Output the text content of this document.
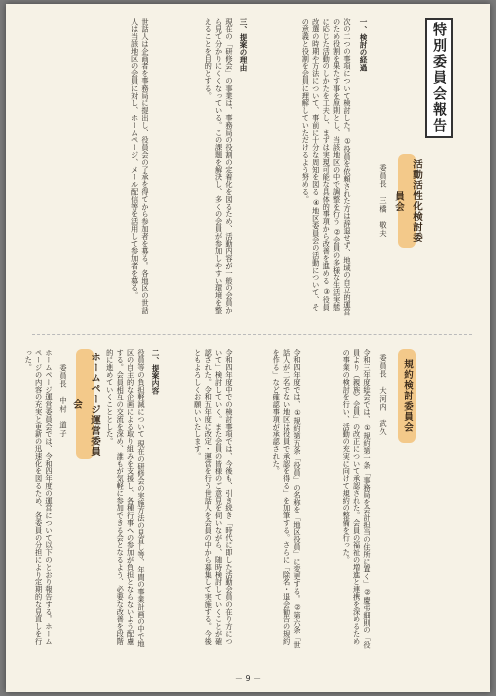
特別委員会報告
活動活性化検討委員会
委員長　三橋　敬夫
一、検討の経過
次の二つの事項について検討した。①役員を依頼された方は辞退せず、地域の自立的運営のため役割を果たす事を原則とし、当該地区の中で調整を行う ②会員の多様な生活実態に応じた活動のしかたを工夫し、まずは実現可能な具体的事項から改善を進める ③役員改選の時期や方法について、事前に十分な周知を図る ④地区委員会の活動について、その意義と役割を会員に理解していただけるよう努める。
三、提案の理由
現在の「研修会」の事業は、事務局の役割の定着化を図るため、活動内容が一般の会員から見て分かりにくくなっている。この課題を解決し、多くの会員が参加しやすい環境を整えることを目的とする。
世話人は企画者を事務局に提出し、役員会の了承を得てから参加者を募る。各地区の世話人は当該地区の会員に対し、ホームページ、メール配信等を活用して参加者を募る。
規約検討委員会
委員長　大河内　武久
令和三年度総会では、①規約第一条「事務局を会計担当の住所に置く」②慶弔細則の「役員より（親族）会員」の改正について承認された。会員の福祉の増進と連携を深めるための事業の検討を行い、活動の充実に向けて規約の整備を行った。
令和四年度では、①規約第五条「役員」の名称を「地区役員」に変更する。②第六条「世話人が二名でない地区は役員で承認を得る」を加筆する。さらに「除名・退会勧告の規約を作る」など確認事項が承認された。
令和四年度中での検討事項では、今後も、引き続き「時代に即した活動会員の在り方について」検討していく。また会員の皆様のご意見を伺いながら、随時検討していくことが確認された。令和五年度に改定・運営を行う世話人を会員の中から募集して実施する。今後ともよろしくお願いいたします。
二、提案内容
役員等の負担軽減について 現在の研修会の実施方法の見直し等、年間の事業計画の中で地区の自主的な企画による取り組みを支援し、各種行事への参加が負担とならないよう配慮する。会員相互の交流を深め、誰もが気軽に参加できる会となるよう、必要な改善を段階的に進めていくこととした。
ホームページ運営委員会
委員長　中村　道子
ホームページ運営委員会では、令和四年度の運営について以下のとおり報告する。ホームページの内容の充実と更新の迅速化を図るため、各委員の分担により定期的な見直しを行った。
－ 9 －
